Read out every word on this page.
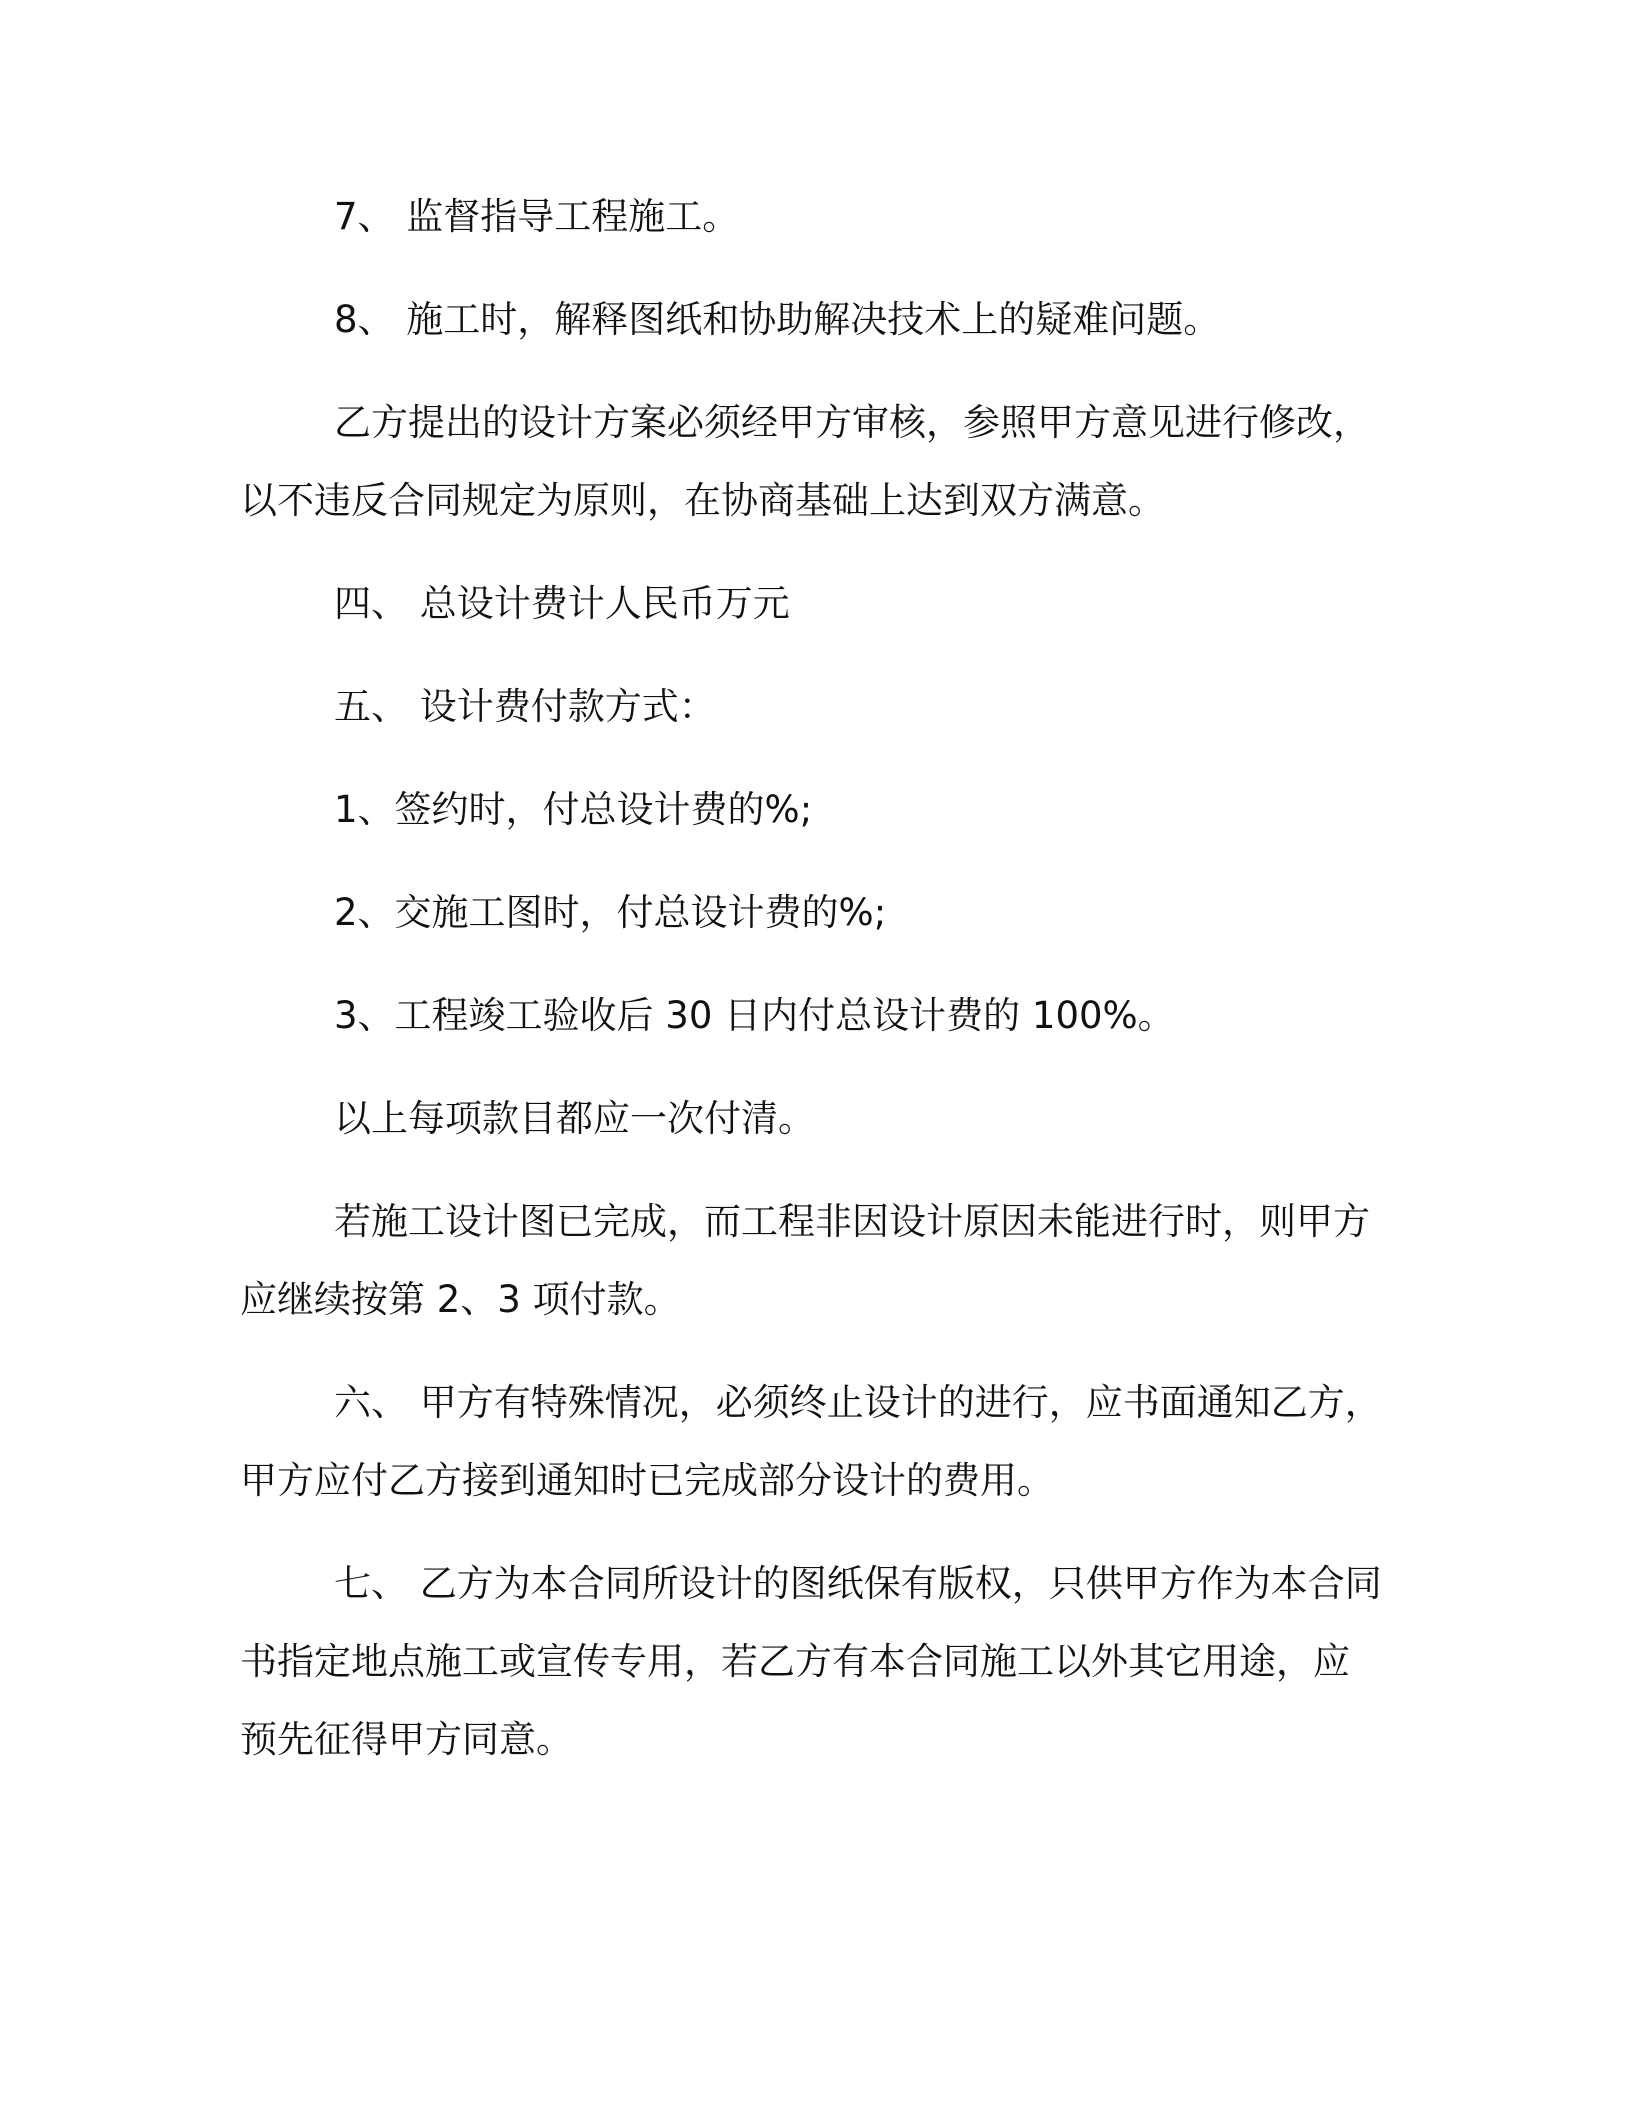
7、 监督指导工程施工。

8、 施工时，解释图纸和协助解决技术上的疑难问题。

乙方提出的设计方案必须经甲方审核，参照甲方意见进行修改，
以不违反合同规定为原则，在协商基础上达到双方满意。

四、 总设计费计人民币万元

五、 设计费付款方式：

1、签约时，付总设计费的%;

2、交施工图时，付总设计费的%;

3、工程竣工验收后 30 日内付总设计费的 100%。

以上每项款目都应一次付清。

若施工设计图已完成，而工程非因设计原因未能进行时，则甲方
应继续按第 2、3 项付款。

六、 甲方有特殊情况，必须终止设计的进行，应书面通知乙方，
甲方应付乙方接到通知时已完成部分设计的费用。

七、 乙方为本合同所设计的图纸保有版权，只供甲方作为本合同
书指定地点施工或宣传专用，若乙方有本合同施工以外其它用途，应
预先征得甲方同意。
